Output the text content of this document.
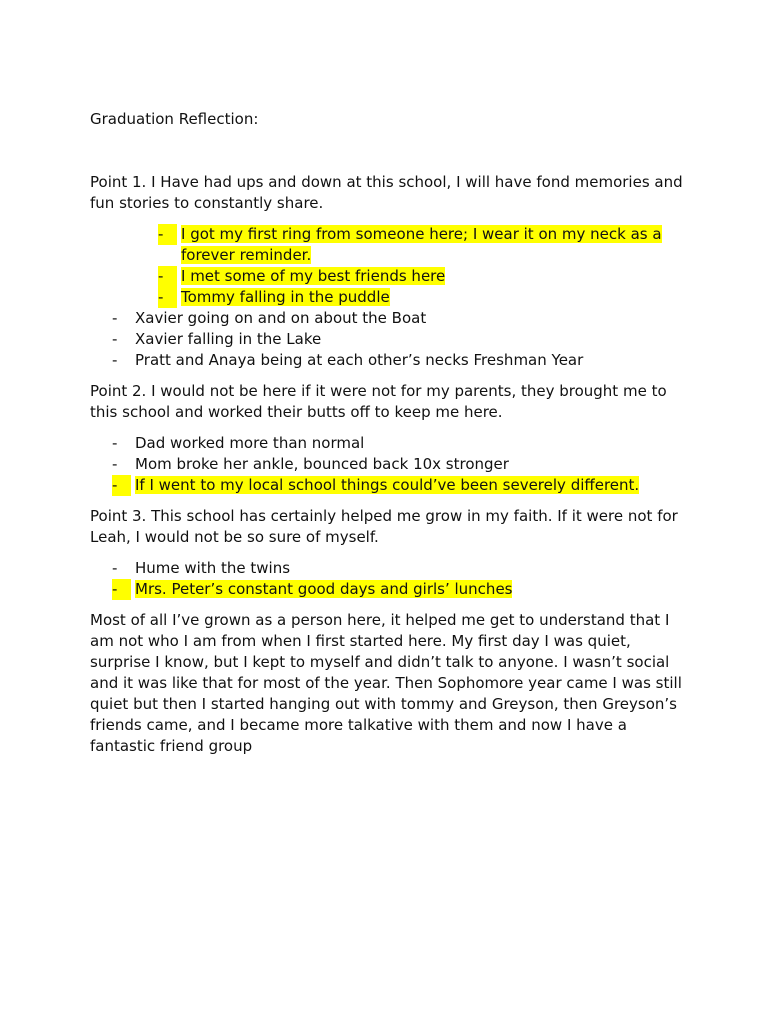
Graduation Reflection:

Point 1. I Have had ups and down at this school, I will have fond memories and fun stories to constantly share.

-	I got my first ring from someone here; I wear it on my neck as a forever reminder.
-	I met some of my best friends here
-	Tommy falling in the puddle
- Xavier going on and on about the Boat
- Xavier falling in the Lake
- Pratt and Anaya being at each other’s necks Freshman Year

Point 2. I would not be here if it were not for my parents, they brought me to this school and worked their butts off to keep me here.

- Dad worked more than normal
- Mom broke her ankle, bounced back 10x stronger
-	If I went to my local school things could’ve been severely different.

Point 3. This school has certainly helped me grow in my faith. If it were not for Leah, I would not be so sure of myself.

- Hume with the twins
-	Mrs. Peter’s constant good days and girls’ lunches

Most of all I’ve grown as a person here, it helped me get to understand that I am not who I am from when I first started here. My first day I was quiet, surprise I know, but I kept to myself and didn’t talk to anyone. I wasn’t social and it was like that for most of the year. Then Sophomore year came I was still quiet but then I started hanging out with tommy and Greyson, then Greyson’s friends came, and I became more talkative with them and now I have a fantastic friend group
